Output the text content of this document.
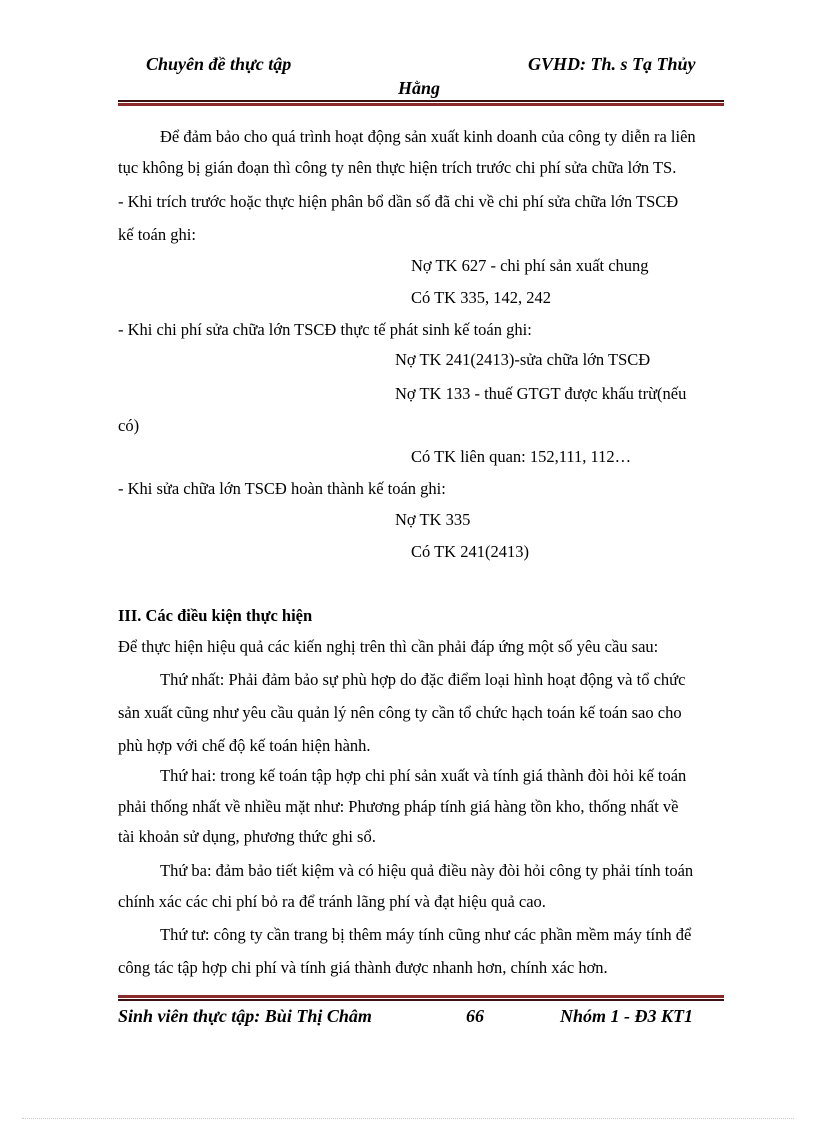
Chuyên đề thực tập	GVHD: Th. s Tạ Thủy
Hằng
Để đảm bảo cho quá trình hoạt động sản xuất kinh doanh của công ty diễn ra liên
tục không bị gián đoạn thì công ty nên thực hiện trích trước chi phí sửa chữa lớn TS.
- Khi trích trước hoặc thực hiện phân bổ dần số đã chi về chi phí sửa chữa lớn TSCĐ
kế toán ghi:
Nợ TK 627 - chi phí sản xuất chung
Có TK 335, 142, 242
- Khi chi phí sửa chữa lớn TSCĐ thực tế phát sinh kế toán ghi:
Nợ TK 241(2413)-sửa chữa lớn TSCĐ
Nợ TK 133 - thuế GTGT được khấu trừ(nếu
có)
Có TK liên quan: 152,111, 112…
- Khi sửa chữa lớn TSCĐ hoàn thành kế toán ghi:
Nợ TK 335
Có TK 241(2413)
III. Các điều kiện thực hiện
Để thực hiện hiệu quả các kiến nghị trên thì cần phải đáp ứng một số yêu cầu sau:
Thứ nhất: Phải đảm bảo sự phù hợp do đặc điểm loại hình hoạt động và tổ chức
sản xuất cũng như yêu cầu quản lý nên công ty cần tổ chức hạch toán kế toán sao cho
phù hợp với chế độ kế toán hiện hành.
Thứ hai: trong kế toán tập hợp chi phí sản xuất và tính giá thành đòi hỏi kế toán
phải thống nhất về nhiều mặt như: Phương pháp tính giá hàng tồn kho, thống nhất về
tài khoản sử dụng, phương thức ghi sổ.
Thứ ba: đảm bảo tiết kiệm và có hiệu quả điều này đòi hỏi công ty phải tính toán
chính xác các chi phí bỏ ra để tránh lãng phí và đạt hiệu quả cao.
Thứ tư: công ty cần trang bị thêm máy tính cũng như các phần mềm máy tính để
công tác tập hợp chi phí và tính giá thành được nhanh hơn, chính xác hơn.
Sinh viên thực tập: Bùi Thị Châm	66	Nhóm 1 - Đ3 KT1
